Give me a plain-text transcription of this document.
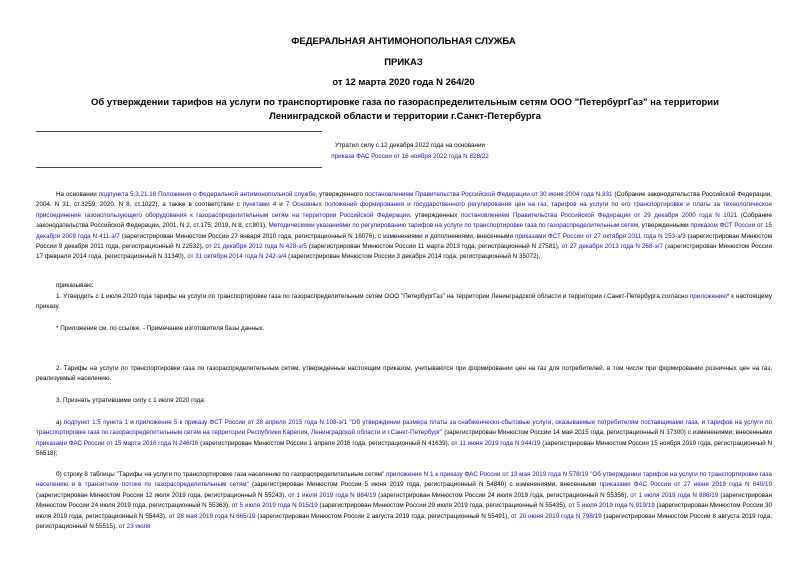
ФЕДЕРАЛЬНАЯ АНТИМОНОПОЛЬНАЯ СЛУЖБА
ПРИКАЗ
от 12 марта 2020 года N 264/20
Об утверждении тарифов на услуги по транспортировке газа по газораспределительным сетям ООО "ПетербургГаз" на территории Ленинградской области и территории г.Санкт-Петербурга
Утратил силу с 12 декабря 2022 года на основании
приказа ФАС России от 16 ноября 2022 года N 828/22
На основании подпункта 5.3.21.16 Положения о Федеральной антимонопольной службе, утвержденного постановлением Правительства Российской Федерации от 30 июня 2004 года N 331 (Собрание законодательства Российской Федерации, 2004, N 31, ст.3259; 2020, N 8, ст.1022), а также в соответствии с пунктами 4 и 7 Основных положений формирования и государственного регулирования цен на газ, тарифов на услуги по его транспортировке и платы за технологическое присоединение газоиспользующего оборудования к газораспределительным сетям на территории Российской Федерации, утвержденных постановлением Правительства Российской Федерации от 29 декабря 2000 года N 1021 (Собрание законодательства Российской Федерации, 2001, N 2, ст.175; 2019, N 8, ст.801), Методическими указаниями по регулированию тарифов на услуги по транспортировке газа по газораспределительным сетям, утвержденными приказом ФСТ России от 15 декабря 2009 года N 411-э/7 (зарегистрирован Минюстом России 27 января 2010 года, регистрационный N 16076), с изменениями и дополнениями, внесенными приказами ФСТ России от 27 октября 2011 года N 253-э/3 (зарегистрирован Минюстом России 9 декабря 2011 года, регистрационный N 22532), от 21 декабря 2012 года N 428-э/5 (зарегистрирован Минюстом России 11 марта 2013 года, регистрационный N 27581), от 27 декабря 2013 года N 268-э/7 (зарегистрирован Минюстом России 17 февраля 2014 года, регистрационный N 31340), от 31 октября 2014 года N 242-э/4 (зарегистрирован Минюстом России 3 декабря 2014 года, регистрационный N 35072),
приказываю:
1. Утвердить с 1 июля 2020 года тарифы на услуги по транспортировке газа по газораспределительным сетям ООО "ПетербургГаз" на территории Ленинградской области и территории г.Санкт-Петербурга согласно приложению* к настоящему приказу.
* Приложение см. по ссылке. - Примечание изготовителя базы данных.
2. Тарифы на услуги по транспортировке газа по газораспределительным сетям, утвержденные настоящим приказом, учитываются при формировании цен на газ для потребителей, в том числе при формировании розничных цен на газ, реализуемый населению.
3. Признать утратившими силу с 1 июля 2020 года:
а) подпункт 1.5 пункта 1 и приложение 5 к приказу ФСТ России от 28 апреля 2015 года N 108-э/1 "Об утверждении размера платы за снабженческо-сбытовые услуги, оказываемые потребителям поставщиками газа, и тарифов на услуги по транспортировке газа по газораспределительным сетям на территории Республики Карелия, Ленинградской области и г.Санкт-Петербург" (зарегистрирован Минюстом России 14 мая 2015 года, регистрационный N 37300) с изменениями, внесенными приказами ФАС России от 15 марта 2016 года N 246/16 (зарегистрирован Минюстом России 1 апреля 2016 года, регистрационный N 41639), от 11 июня 2019 года N 944/19 (зарегистрирован Минюстом России 15 ноября 2019 года, регистрационный N 56518);
б) строку 8 таблицы "Тарифы на услуги по транспортировке газа населению по газораспределительным сетям" приложения N 1 к приказу ФАС России от 13 мая 2019 года N 578/19 "Об утверждении тарифов на услуги по транспортировке газа населению и в транзитном потоке по газораспределительным сетям" (зарегистрирован Минюстом России 5 июня 2019 года, регистрационный N 54840) с изменениями, внесенными приказами ФАС России от 27 июня 2019 года N 840/19 (зарегистрирован Минюстом России 12 июля 2019 года, регистрационный N 55243), от 1 июля 2019 года N 884/19 (зарегистрирован Минюстом России 24 июля 2019 года, регистрационный N 55356), от 1 июля 2019 года N 886/19 (зарегистрирован Минюстом России 24 июля 2019 года, регистрационный N 55363), от 5 июля 2019 года N 915/19 (зарегистрирован Минюстом России 29 июля 2019 года, регистрационный N 55435), от 5 июля 2019 года N 919/19 (зарегистрирован Минюстом России 30 июля 2019 года, регистрационный N 55443), от 28 мая 2019 года N 665/19 (зарегистрирован Минюстом России 2 августа 2019 года, регистрационный N 55491), от 20 июня 2019 года N 798/19 (зарегистрирован Минюстом России 8 августа 2019 года, регистрационный N 55515), от 23 июля
